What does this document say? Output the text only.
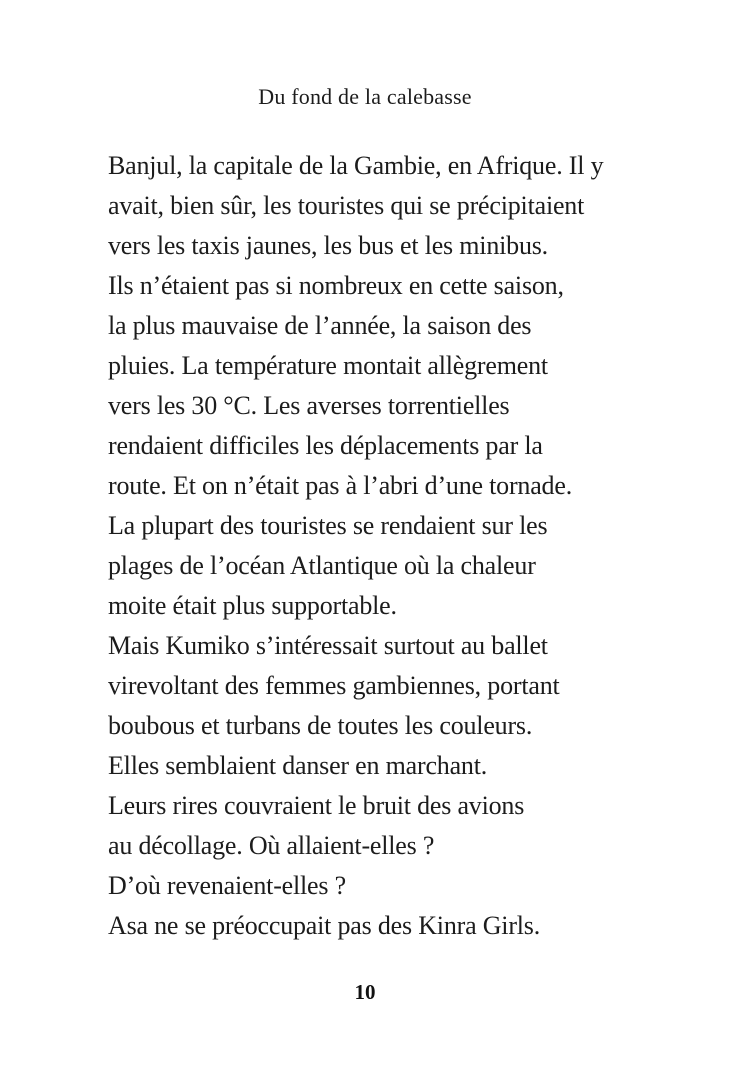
Du fond de la calebasse
Banjul, la capitale de la Gambie, en Afrique. Il y
avait, bien sûr, les touristes qui se précipitaient
vers les taxis jaunes, les bus et les minibus.
Ils n’étaient pas si nombreux en cette saison,
la plus mauvaise de l’année, la saison des
pluies. La température montait allègrement
vers les 30 °C. Les averses torrentielles
rendaient difficiles les déplacements par la
route. Et on n’était pas à l’abri d’une tornade.
La plupart des touristes se rendaient sur les
plages de l’océan Atlantique où la chaleur
moite était plus supportable.
Mais Kumiko s’intéressait surtout au ballet
virevoltant des femmes gambiennes, portant
boubous et turbans de toutes les couleurs.
Elles semblaient danser en marchant.
Leurs rires couvraient le bruit des avions
au décollage. Où allaient-elles ?
D’où revenaient-elles ?
Asa ne se préoccupait pas des Kinra Girls.
10
